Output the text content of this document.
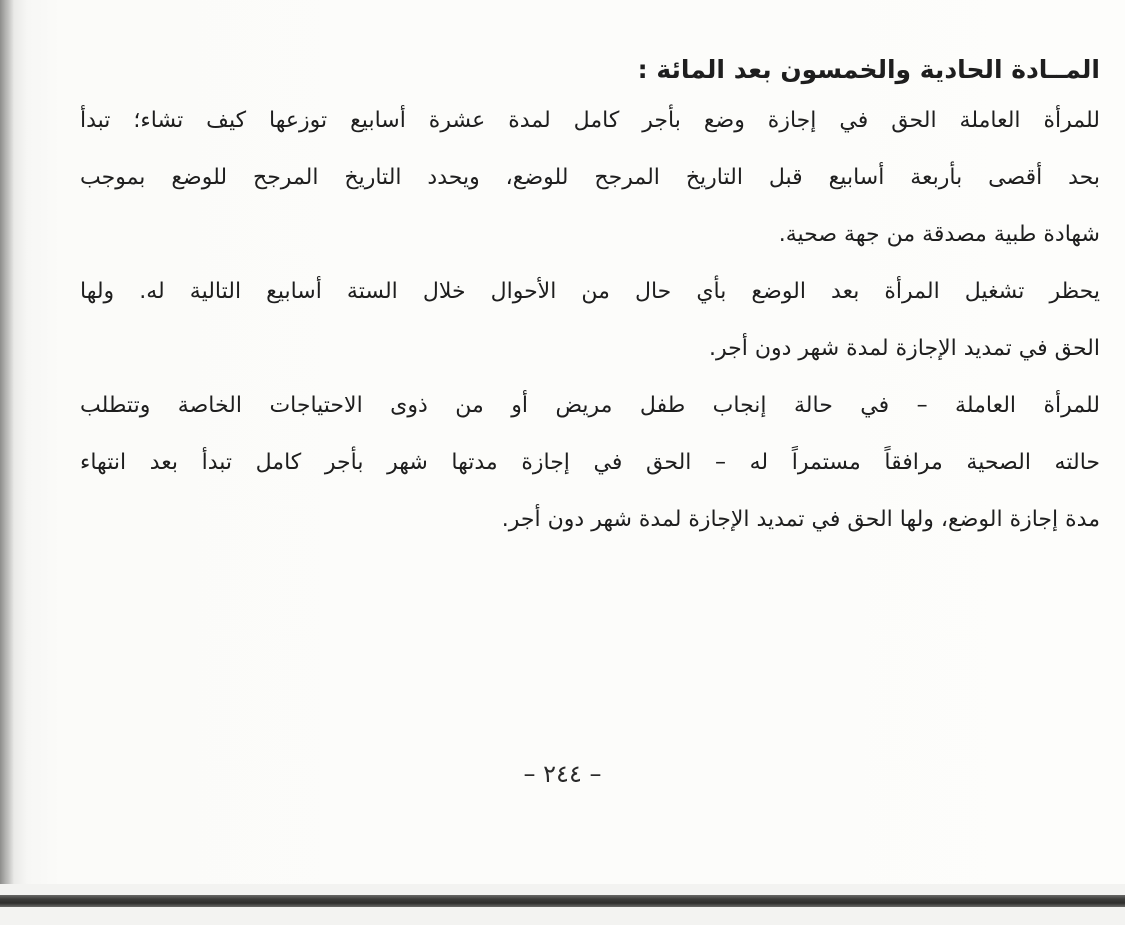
المــادة الحادية والخمسون بعد المائة :
للمرأة العاملة الحق في إجازة وضع بأجر كامل لمدة عشرة أسابيع توزعها كيف تشاء؛ تبدأ
بحد أقصى بأربعة أسابيع قبل التاريخ المرجح للوضع، ويحدد التاريخ المرجح للوضع بموجب
شهادة طبية مصدقة من جهة صحية.
يحظر تشغيل المرأة بعد الوضع بأي حال من الأحوال خلال الستة أسابيع التالية له. ولها
الحق في تمديد الإجازة لمدة شهر دون أجر.
للمرأة العاملة – في حالة إنجاب طفل مريض أو من ذوى الاحتياجات الخاصة وتتطلب
حالته الصحية مرافقاً مستمراً له – الحق في إجازة مدتها شهر بأجر كامل تبدأ بعد انتهاء
مدة إجازة الوضع، ولها الحق في تمديد الإجازة لمدة شهر دون أجر.
– ٢٤٤ –
